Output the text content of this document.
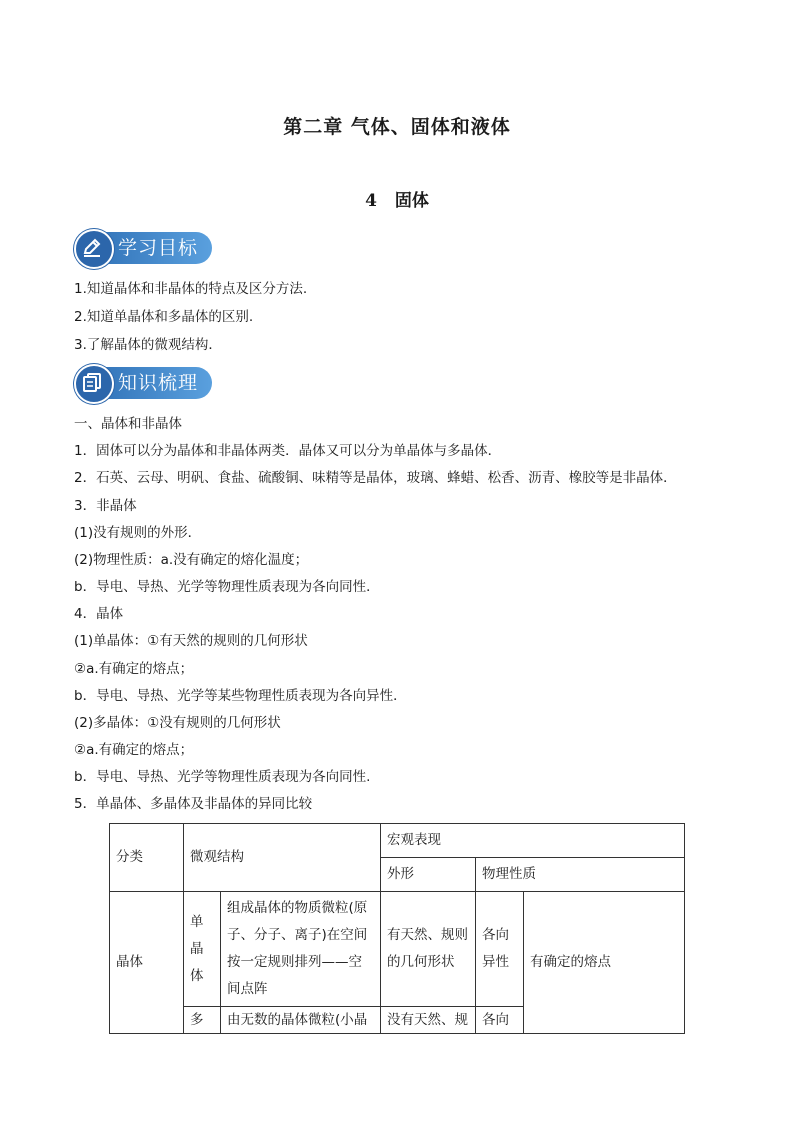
第二章 气体、固体和液体
4 固体
学习目标
1.知道晶体和非晶体的特点及区分方法.
2.知道单晶体和多晶体的区别.
3.了解晶体的微观结构．
知识梳理
一、晶体和非晶体
1．固体可以分为晶体和非晶体两类．晶体又可以分为单晶体与多晶体．
2．石英、云母、明矾、食盐、硫酸铜、味精等是晶体，玻璃、蜂蜡、松香、沥青、橡胶等是非晶体．
3．非晶体
(1)没有规则的外形．
(2)物理性质：a.没有确定的熔化温度；
b．导电、导热、光学等物理性质表现为各向同性．
4．晶体
(1)单晶体：①有天然的规则的几何形状
②a.有确定的熔点；
b．导电、导热、光学等某些物理性质表现为各向异性．
(2)多晶体：①没有规则的几何形状
②a.有确定的熔点；
b．导电、导热、光学等物理性质表现为各向同性.
5．单晶体、多晶体及非晶体的异同比较
分类	微观结构		宏观表现		
			外形	物理性质	
晶体	单晶体	组成晶体的物质微粒(原子、分子、离子)在空间按一定规则排列——空间点阵	有天然、规则的几何形状	各向异性	有确定的熔点
	多	由无数的晶体微粒(小晶	没有天然、规	各向	
